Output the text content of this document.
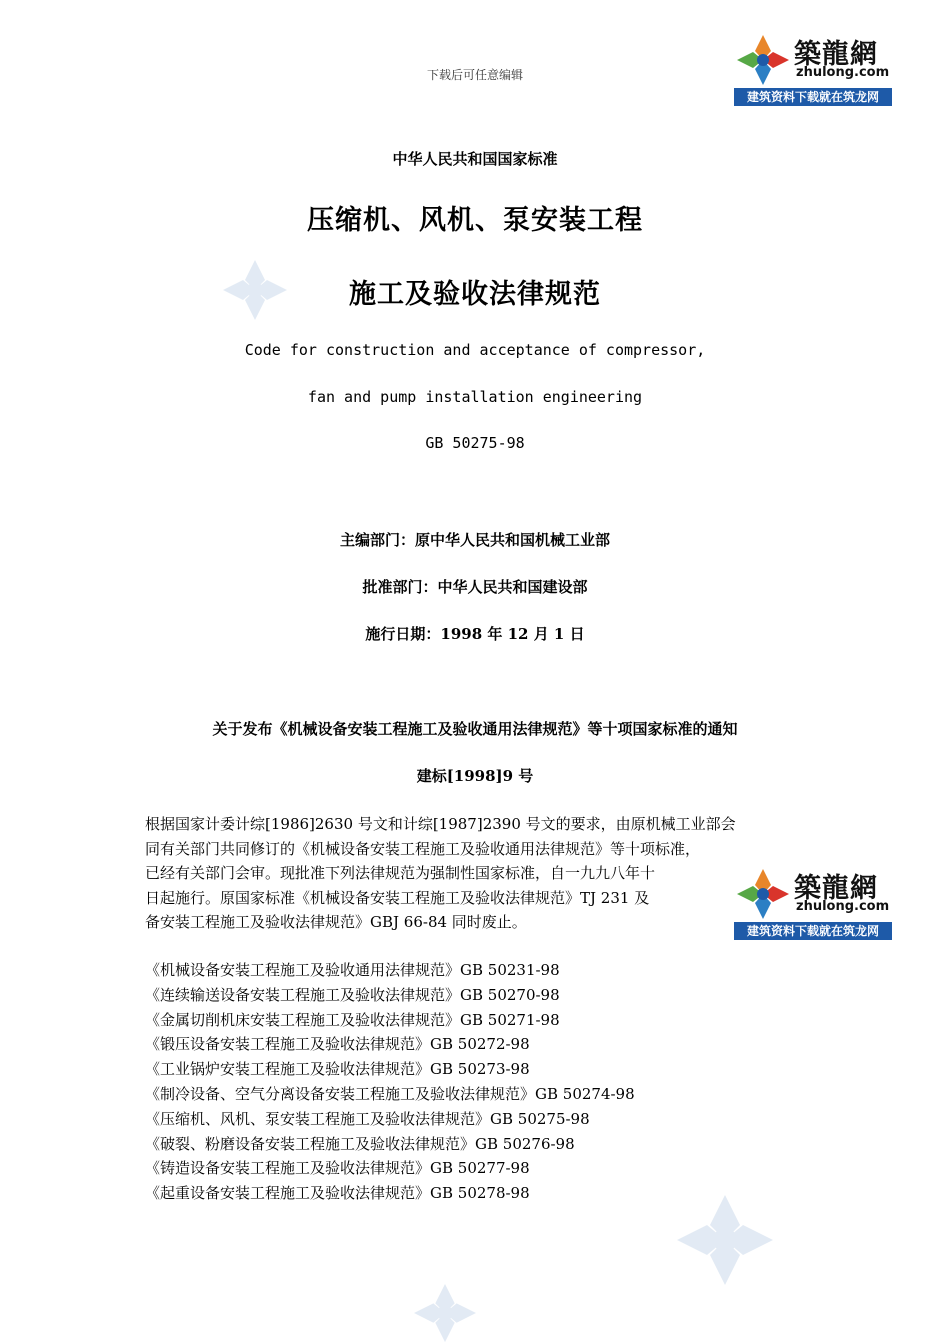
下载后可任意编辑
築龍網
zhulong.com
建筑资料下载就在筑龙网
中华人民共和国国家标准
压缩机、风机、泵安装工程
施工及验收法律规范
Code for construction and acceptance of compressor,
fan and pump installation engineering
GB 50275-98
主编部门：原中华人民共和国机械工业部
批准部门：中华人民共和国建设部
施行日期：1998 年 12 月 1 日
关于发布《机械设备安装工程施工及验收通用法律规范》等十项国家标准的通知
建标[1998]9 号
根据国家计委计综[1986]2630 号文和计综[1987]2390 号文的要求，由原机械工业部会
同有关部门共同修订的《机械设备安装工程施工及验收通用法律规范》等十项标准，
已经有关部门会审。现批准下列法律规范为强制性国家标准，自一九九八年十
日起施行。原国家标准《机械设备安装工程施工及验收法律规范》TJ 231 及
备安装工程施工及验收法律规范》GBJ 66-84 同时废止。
築龍網
zhulong.com
建筑资料下载就在筑龙网
《机械设备安装工程施工及验收通用法律规范》GB 50231-98
《连续输送设备安装工程施工及验收法律规范》GB 50270-98
《金属切削机床安装工程施工及验收法律规范》GB 50271-98
《锻压设备安装工程施工及验收法律规范》GB 50272-98
《工业锅炉安装工程施工及验收法律规范》GB 50273-98
《制冷设备、空气分离设备安装工程施工及验收法律规范》GB 50274-98
《压缩机、风机、泵安装工程施工及验收法律规范》GB 50275-98
《破裂、粉磨设备安装工程施工及验收法律规范》GB 50276-98
《铸造设备安装工程施工及验收法律规范》GB 50277-98
《起重设备安装工程施工及验收法律规范》GB 50278-98
